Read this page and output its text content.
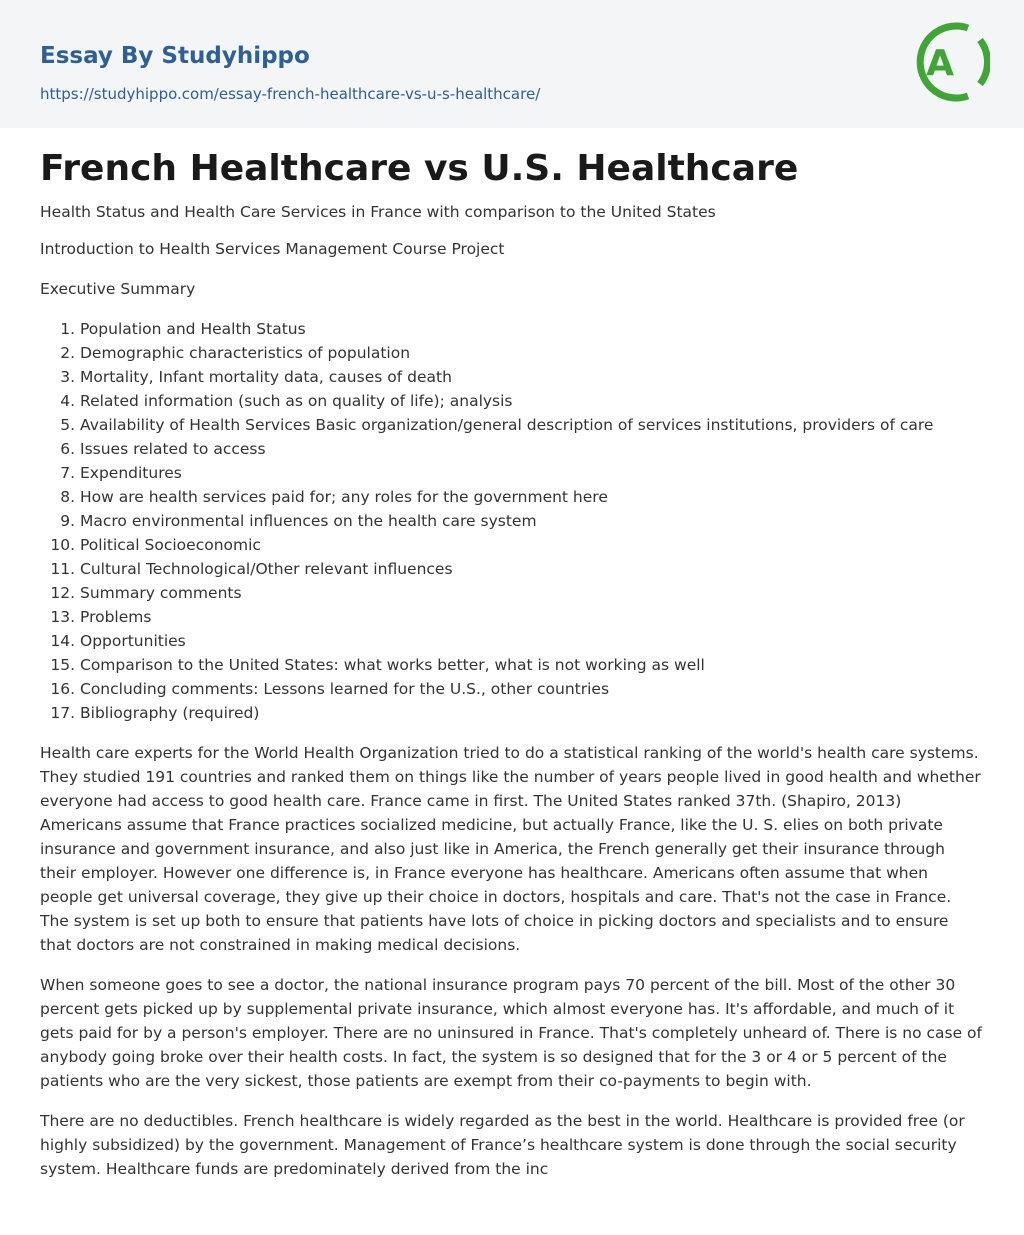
Essay By Studyhippo
https://studyhippo.com/essay-french-healthcare-vs-u-s-healthcare/
A
French Healthcare vs U.S. Healthcare

Health Status and Health Care Services in France with comparison to the United States

Introduction to Health Services Management Course Project

Executive Summary

1. Population and Health Status
2. Demographic characteristics of population
3. Mortality, Infant mortality data, causes of death
4. Related information (such as on quality of life); analysis
5. Availability of Health Services Basic organization/general description of services institutions, providers of care
6. Issues related to access
7. Expenditures
8. How are health services paid for; any roles for the government here
9. Macro environmental influences on the health care system
10. Political Socioeconomic
11. Cultural Technological/Other relevant influences
12. Summary comments
13. Problems
14. Opportunities
15. Comparison to the United States: what works better, what is not working as well
16. Concluding comments: Lessons learned for the U.S., other countries
17. Bibliography (required)

Health care experts for the World Health Organization tried to do a statistical ranking of the world's health care systems. They studied 191 countries and ranked them on things like the number of years people lived in good health and whether everyone had access to good health care. France came in first. The United States ranked 37th. (Shapiro, 2013) Americans assume that France practices socialized medicine, but actually France, like the U. S. elies on both private insurance and government insurance, and also just like in America, the French generally get their insurance through their employer. However one difference is, in France everyone has healthcare. Americans often assume that when people get universal coverage, they give up their choice in doctors, hospitals and care. That's not the case in France. The system is set up both to ensure that patients have lots of choice in picking doctors and specialists and to ensure that doctors are not constrained in making medical decisions.

When someone goes to see a doctor, the national insurance program pays 70 percent of the bill. Most of the other 30 percent gets picked up by supplemental private insurance, which almost everyone has. It's affordable, and much of it gets paid for by a person's employer. There are no uninsured in France. That's completely unheard of. There is no case of anybody going broke over their health costs. In fact, the system is so designed that for the 3 or 4 or 5 percent of the patients who are the very sickest, those patients are exempt from their co-payments to begin with.

There are no deductibles. French healthcare is widely regarded as the best in the world. Healthcare is provided free (or highly subsidized) by the government. Management of France’s healthcare system is done through the social security system. Healthcare funds are predominately derived from the inc
